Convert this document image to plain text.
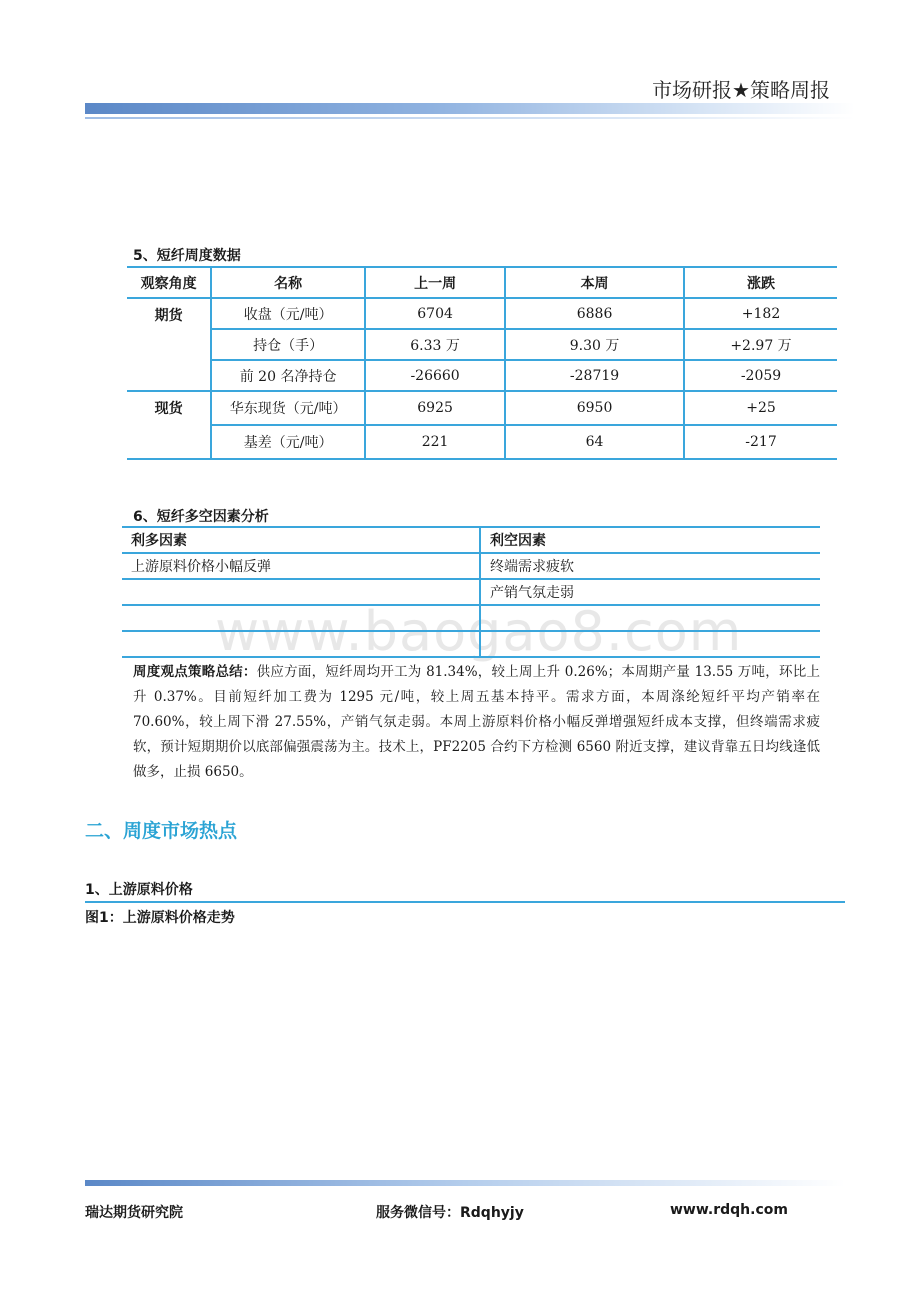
市场研报★策略周报
5、短纤周度数据
观察角度	名称	上一周	本周	涨跌
期货	收盘（元/吨）	6704	6886	+182
	持仓（手）	6.33 万	9.30 万	+2.97 万
	前 20 名净持仓	-26660	-28719	-2059
现货	华东现货（元/吨）	6925	6950	+25
	基差（元/吨）	221	64	-217
6、短纤多空因素分析
www.baogao8.com
利多因素	利空因素
上游原料价格小幅反弹	终端需求疲软
	产销气氛走弱

周度观点策略总结：供应方面，短纤周均开工为 81.34%，较上周上升 0.26%；本周期产量 13.55 万吨，环比上升 0.37%。目前短纤加工费为 1295 元/吨，较上周五基本持平。需求方面，本周涤纶短纤平均产销率在 70.60%，较上周下滑 27.55%，产销气氛走弱。本周上游原料价格小幅反弹增强短纤成本支撑，但终端需求疲软，预计短期期价以底部偏强震荡为主。技术上，PF2205 合约下方检测 6560 附近支撑，建议背靠五日均线逢低做多，止损 6650。
二、周度市场热点
1、上游原料价格
图1：上游原料价格走势
瑞达期货研究院	服务微信号：Rdqhyjy	www.rdqh.com
